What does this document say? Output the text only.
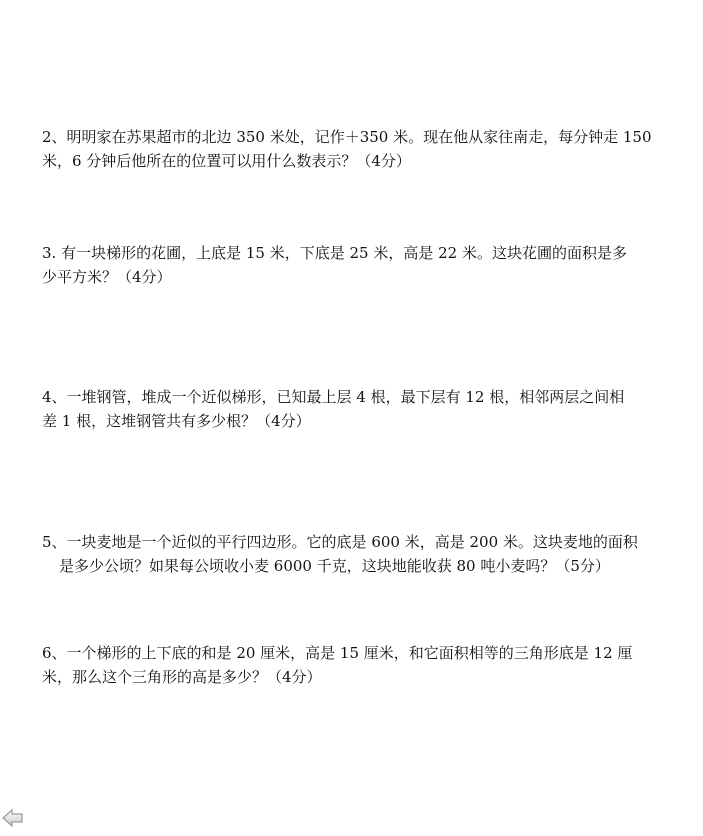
2、明明家在苏果超市的北边 350 米处，记作＋350 米。现在他从家往南走，每分钟走 150
米，6 分钟后他所在的位置可以用什么数表示？（4分）
3. 有一块梯形的花圃，上底是 15 米，下底是 25 米，高是 22 米。这块花圃的面积是多
少平方米？（4分）
4、一堆钢管，堆成一个近似梯形，已知最上层 4 根，最下层有 12 根，相邻两层之间相
差 1 根，这堆钢管共有多少根？（4分）
5、一块麦地是一个近似的平行四边形。它的底是 600 米，高是 200 米。这块麦地的面积
是多少公顷？如果每公顷收小麦 6000 千克，这块地能收获 80 吨小麦吗？（5分）
6、一个梯形的上下底的和是 20 厘米，高是 15 厘米，和它面积相等的三角形底是 12 厘
米，那么这个三角形的高是多少？（4分）
